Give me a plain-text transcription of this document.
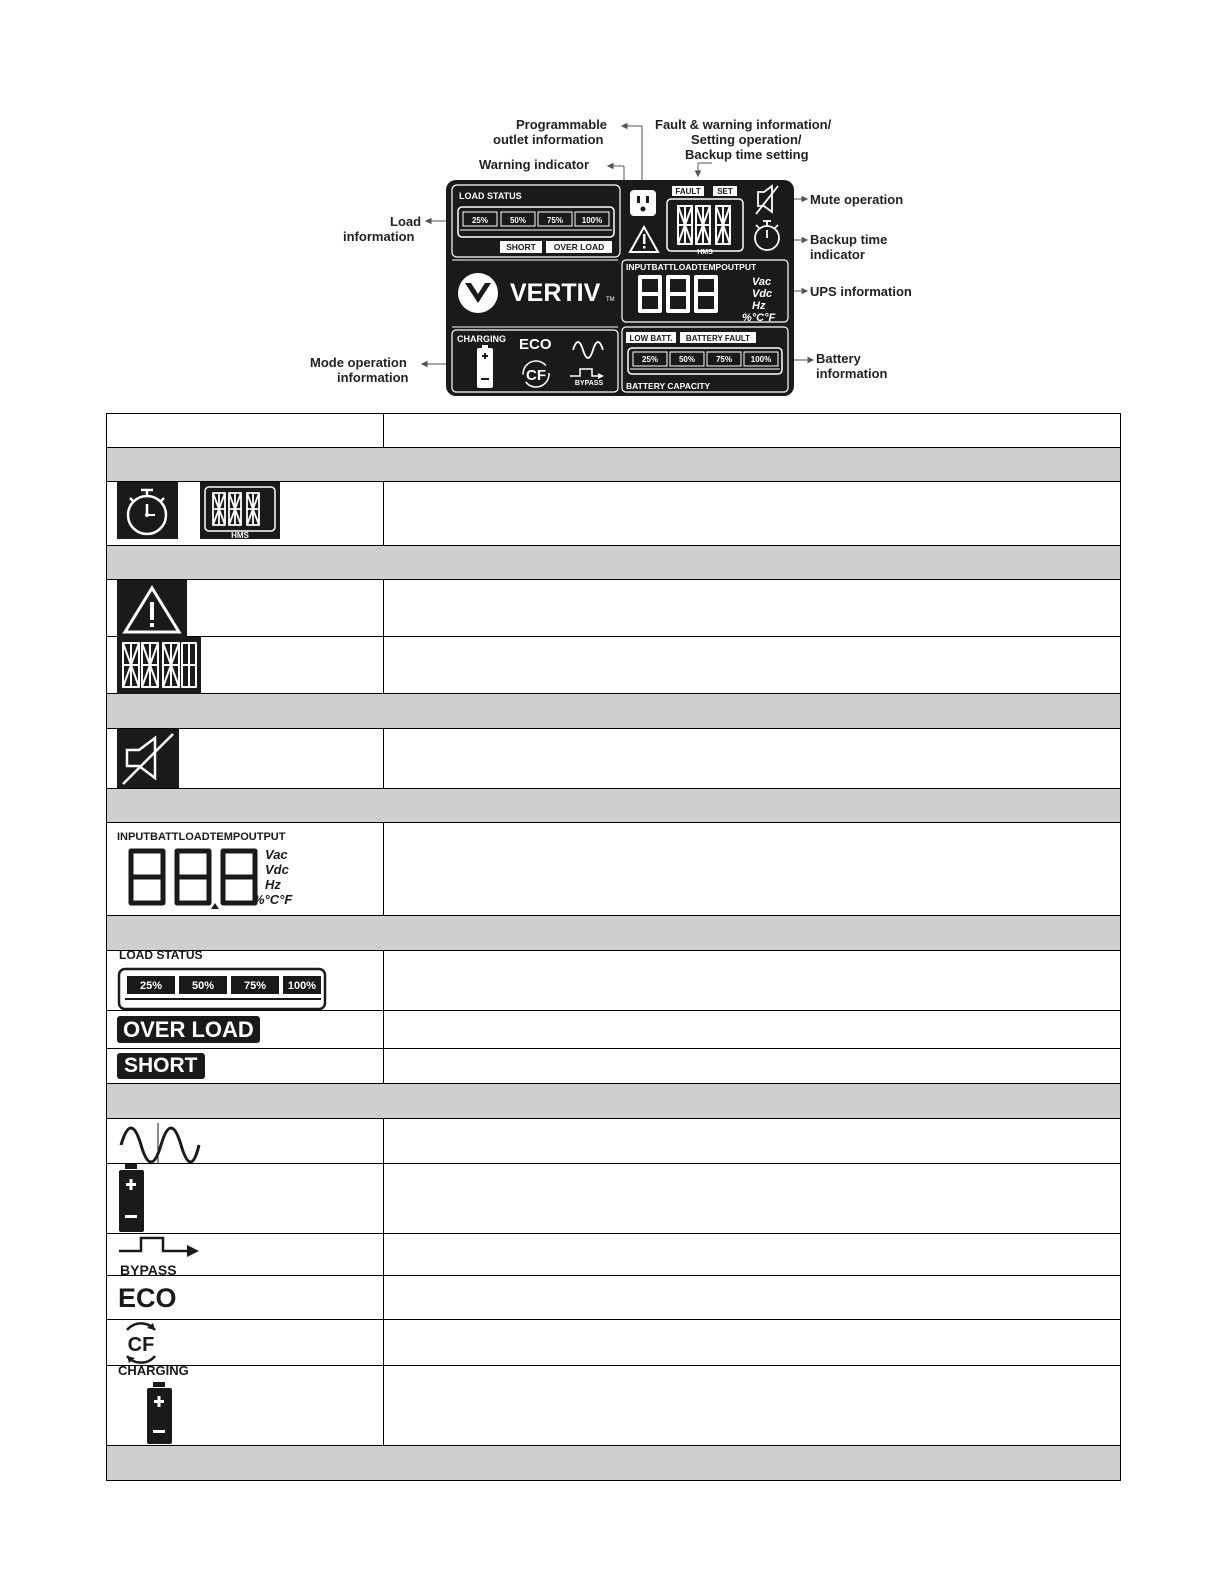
Programmable
outlet information
Fault & warning information/
Setting operation/
Backup time setting
Warning indicator
Load
information
Mute operation
Backup time
indicator
UPS information
Mode operation
information
Battery
information
LOAD STATUS
25%	50%	75% 100%
SHORT OVER LOAD
FAULT SET
HMS
VERTIV TM
INPUTBATTLOADTEMPOUTPUT
Vac
Vdc
Hz
%°C°F
CHARGING ECO
CF	BYPASS
LOW BATT. BATTERY FAULT
25%	50%	75% 100%
BATTERY CAPACITY

HMS	

INPUTBATTLOADTEMPOUTPUT
Vac
Vdc
Hz
%°C°F	

LOAD STATUS
25% 50% 75% 100%	

OVER LOAD	

SHORT	

BYPASS	

ECO	

CF	

CHARGING	
